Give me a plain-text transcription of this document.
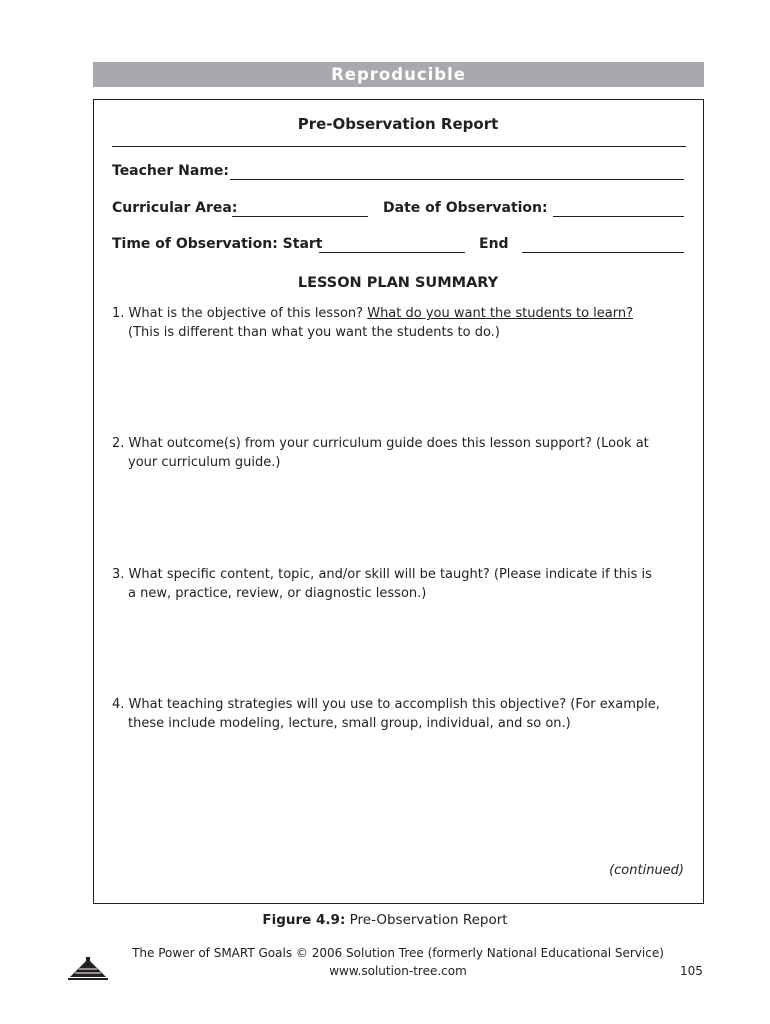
Reproducible
Pre-Observation Report
Teacher Name:
Curricular Area:	Date of Observation:
Time of Observation: Start	End
LESSON PLAN SUMMARY

1. What is the objective of this lesson? What do you want the students to learn?

(This is different than what you want the students to do.)

2. What outcome(s) from your curriculum guide does this lesson support? (Look at

your curriculum guide.)

3. What specific content, topic, and/or skill will be taught? (Please indicate if this is

a new, practice, review, or diagnostic lesson.)

4. What teaching strategies will you use to accomplish this objective? (For example,

these include modeling, lecture, small group, individual, and so on.)

(continued)
Figure 4.9: Pre-Observation Report
The Power of SMART Goals © 2006 Solution Tree (formerly National Educational Service)
www.solution-tree.com	105
